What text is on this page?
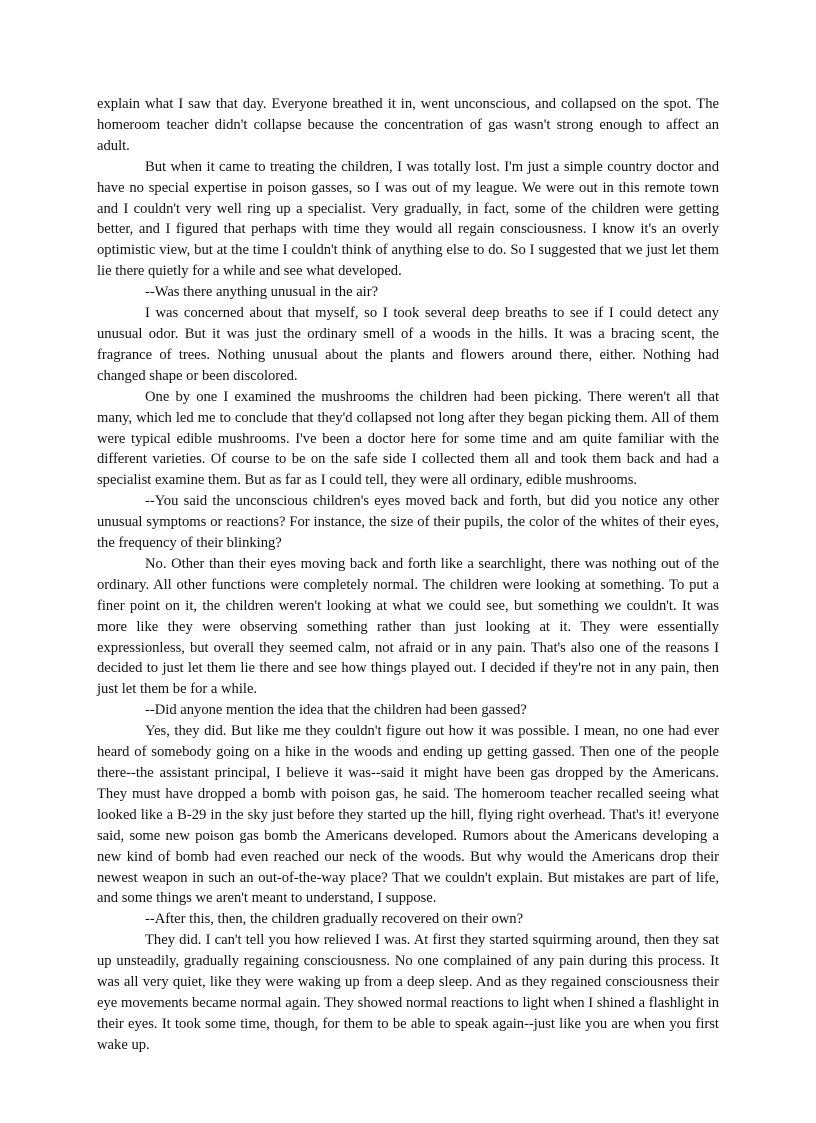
explain what I saw that day. Everyone breathed it in, went unconscious, and collapsed on the spot. The homeroom teacher didn't collapse because the concentration of gas wasn't strong enough to affect an adult.

But when it came to treating the children, I was totally lost. I'm just a simple country doctor and have no special expertise in poison gasses, so I was out of my league. We were out in this remote town and I couldn't very well ring up a specialist. Very gradually, in fact, some of the children were getting better, and I figured that perhaps with time they would all regain consciousness. I know it's an overly optimistic view, but at the time I couldn't think of anything else to do. So I suggested that we just let them lie there quietly for a while and see what developed.

--Was there anything unusual in the air?

I was concerned about that myself, so I took several deep breaths to see if I could detect any unusual odor. But it was just the ordinary smell of a woods in the hills. It was a bracing scent, the fragrance of trees. Nothing unusual about the plants and flowers around there, either. Nothing had changed shape or been discolored.

One by one I examined the mushrooms the children had been picking. There weren't all that many, which led me to conclude that they'd collapsed not long after they began picking them. All of them were typical edible mushrooms. I've been a doctor here for some time and am quite familiar with the different varieties. Of course to be on the safe side I collected them all and took them back and had a specialist examine them. But as far as I could tell, they were all ordinary, edible mushrooms.

--You said the unconscious children's eyes moved back and forth, but did you notice any other unusual symptoms or reactions? For instance, the size of their pupils, the color of the whites of their eyes, the frequency of their blinking?

No. Other than their eyes moving back and forth like a searchlight, there was nothing out of the ordinary. All other functions were completely normal. The children were looking at something. To put a finer point on it, the children weren't looking at what we could see, but something we couldn't. It was more like they were observing something rather than just looking at it. They were essentially expressionless, but overall they seemed calm, not afraid or in any pain. That's also one of the reasons I decided to just let them lie there and see how things played out. I decided if they're not in any pain, then just let them be for a while.

--Did anyone mention the idea that the children had been gassed?

Yes, they did. But like me they couldn't figure out how it was possible. I mean, no one had ever heard of somebody going on a hike in the woods and ending up getting gassed. Then one of the people there--the assistant principal, I believe it was--said it might have been gas dropped by the Americans. They must have dropped a bomb with poison gas, he said. The homeroom teacher recalled seeing what looked like a B-29 in the sky just before they started up the hill, flying right overhead. That's it! everyone said, some new poison gas bomb the Americans developed. Rumors about the Americans developing a new kind of bomb had even reached our neck of the woods. But why would the Americans drop their newest weapon in such an out-of-the-way place? That we couldn't explain. But mistakes are part of life, and some things we aren't meant to understand, I suppose.

--After this, then, the children gradually recovered on their own?

They did. I can't tell you how relieved I was. At first they started squirming around, then they sat up unsteadily, gradually regaining consciousness. No one complained of any pain during this process. It was all very quiet, like they were waking up from a deep sleep. And as they regained consciousness their eye movements became normal again. They showed normal reactions to light when I shined a flashlight in their eyes. It took some time, though, for them to be able to speak again--just like you are when you first wake up.
